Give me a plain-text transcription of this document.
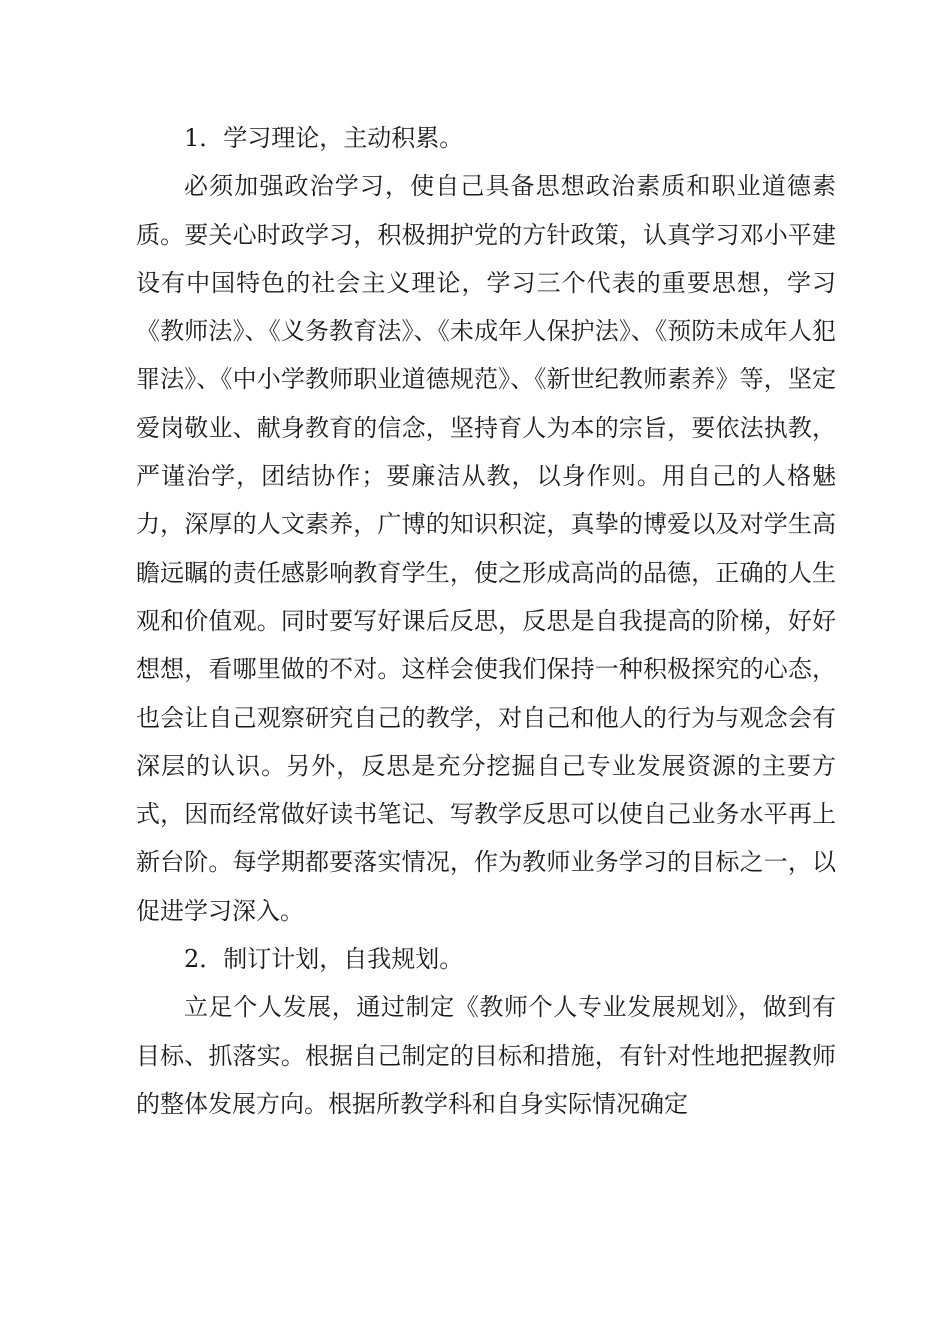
1．学习理论，主动积累。

必须加强政治学习，使自己具备思想政治素质和职业道德素质。要关心时政学习，积极拥护党的方针政策，认真学习邓小平建设有中国特色的社会主义理论，学习三个代表的重要思想，学习《教师法》、《义务教育法》、《未成年人保护法》、《预防未成年人犯罪法》、《中小学教师职业道德规范》、《新世纪教师素养》等，坚定爱岗敬业、献身教育的信念，坚持育人为本的宗旨，要依法执教，严谨治学，团结协作；要廉洁从教，以身作则。用自己的人格魅力，深厚的人文素养，广博的知识积淀，真挚的博爱以及对学生高瞻远瞩的责任感影响教育学生，使之形成高尚的品德，正确的人生观和价值观。同时要写好课后反思，反思是自我提高的阶梯，好好想想，看哪里做的不对。这样会使我们保持一种积极探究的心态，也会让自己观察研究自己的教学，对自己和他人的行为与观念会有深层的认识。另外，反思是充分挖掘自己专业发展资源的主要方式，因而经常做好读书笔记、写教学反思可以使自己业务水平再上新台阶。每学期都要落实情况，作为教师业务学习的目标之一，以促进学习深入。

2．制订计划，自我规划。

立足个人发展，通过制定《教师个人专业发展规划》，做到有目标、抓落实。根据自己制定的目标和措施，有针对性地把握教师的整体发展方向。根据所教学科和自身实际情况确定
